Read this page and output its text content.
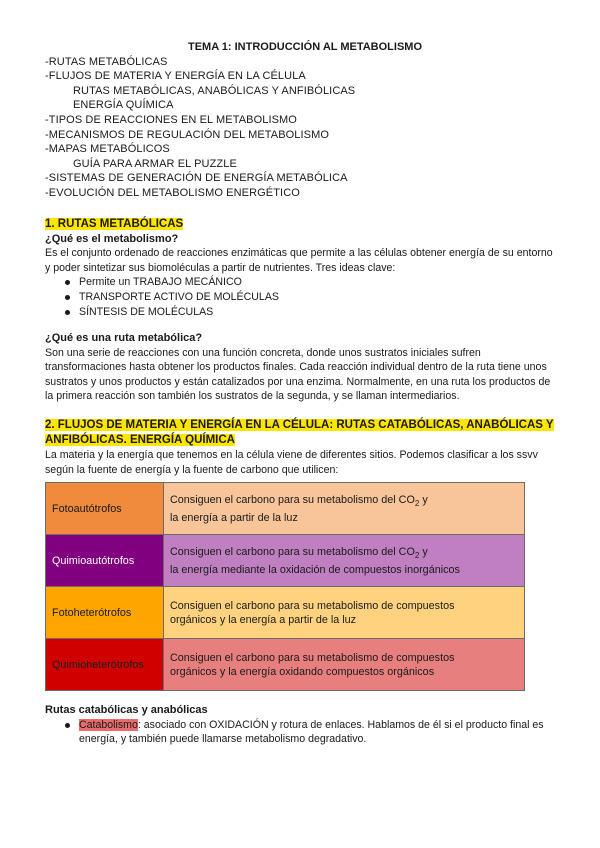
TEMA 1: INTRODUCCIÓN AL METABOLISMO
-RUTAS METABÓLICAS
-FLUJOS DE MATERIA Y ENERGÍA EN LA CÉLULA
RUTAS METABÓLICAS, ANABÓLICAS Y ANFIBÓLICAS
ENERGÍA QUÍMICA
-TIPOS DE REACCIONES EN EL METABOLISMO
-MECANISMOS DE REGULACIÓN DEL METABOLISMO
-MAPAS METABÓLICOS
GUÍA PARA ARMAR EL PUZZLE
-SISTEMAS DE GENERACIÓN DE ENERGÍA METABÓLICA
-EVOLUCIÓN DEL METABOLISMO ENERGÉTICO
1. RUTAS METABÓLICAS
¿Qué es el metabolismo?
Es el conjunto ordenado de reacciones enzimáticas que permite a las células obtener energía de su entorno y poder sintetizar sus biomoléculas a partir de nutrientes. Tres ideas clave:
Permite un TRABAJO MECÁNICO
TRANSPORTE ACTIVO DE MOLÉCULAS
SÍNTESIS DE MOLÉCULAS
¿Qué es una ruta metabólica?
Son una serie de reacciones con una función concreta, donde unos sustratos iniciales sufren transformaciones hasta obtener los productos finales. Cada reacción individual dentro de la ruta tiene unos sustratos y unos productos y están catalizados por una enzima. Normalmente, en una ruta los productos de la primera reacción son también los sustratos de la segunda, y se llaman intermediarios.
2. FLUJOS DE MATERIA Y ENERGÍA EN LA CÉLULA: RUTAS CATABÓLICAS, ANABÓLICAS Y
ANFIBÓLICAS. ENERGÍA QUÍMICA
La materia y la energía que tenemos en la célula viene de diferentes sitios. Podemos clasificar a los ssvv según la fuente de energía y la fuente de carbono que utilicen:
Fotoautótrofos	Consiguen el carbono para su metabolismo del $CO_2$ y
la energía a partir de la luz
Quimioautótrofos	Consiguen el carbono para su metabolismo del $CO_2$ y
la energía mediante la oxidación de compuestos inorgánicos
Fotoheterótrofos	Consiguen el carbono para su metabolismo de compuestos
orgánicos y la energía a partir de la luz
Quimioheterótrofos	Consiguen el carbono para su metabolismo de compuestos
orgánicos y la energía oxidando compuestos orgánicos
Rutas catabólicas y anabólicas
Catabolismo: asociado con OXIDACIÓN y rotura de enlaces. Hablamos de él si el producto final es energía, y también puede llamarse metabolismo degradativo.
